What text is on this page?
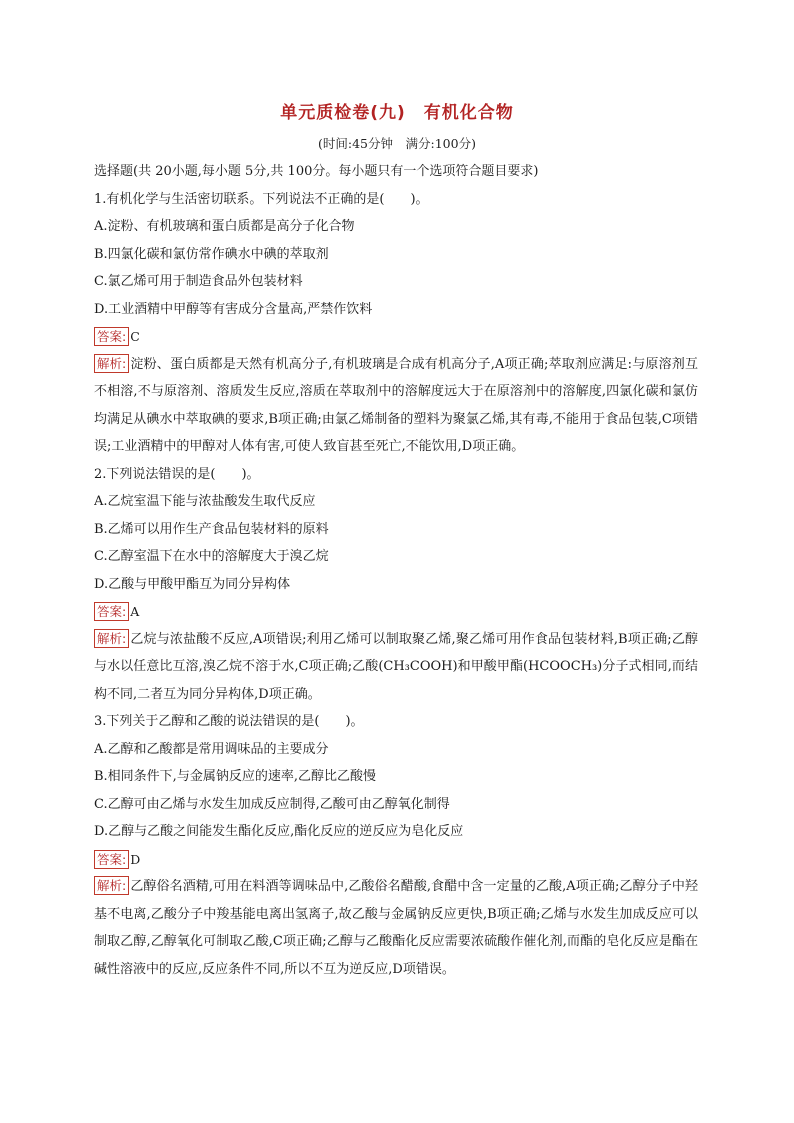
单元质检卷(九)　有机化合物
(时间:45分钟　满分:100分)
选择题(共 20小题,每小题 5分,共 100分。每小题只有一个选项符合题目要求)
1.有机化学与生活密切联系。下列说法不正确的是(　　)。
A.淀粉、有机玻璃和蛋白质都是高分子化合物
B.四氯化碳和氯仿常作碘水中碘的萃取剂
C.氯乙烯可用于制造食品外包装材料
D.工业酒精中甲醇等有害成分含量高,严禁作饮料
答案: C

解析: 淀粉、蛋白质都是天然有机高分子,有机玻璃是合成有机高分子,A项正确;萃取剂应满足:与原溶剂互不相溶,不与原溶剂、溶质发生反应,溶质在萃取剂中的溶解度远大于在原溶剂中的溶解度,四氯化碳和氯仿均满足从碘水中萃取碘的要求,B项正确;由氯乙烯制备的塑料为聚氯乙烯,其有毒,不能用于食品包装,C项错误;工业酒精中的甲醇对人体有害,可使人致盲甚至死亡,不能饮用,D项正确。

2.下列说法错误的是(　　)。
A.乙烷室温下能与浓盐酸发生取代反应
B.乙烯可以用作生产食品包装材料的原料
C.乙醇室温下在水中的溶解度大于溴乙烷
D.乙酸与甲酸甲酯互为同分异构体
答案: A

解析: 乙烷与浓盐酸不反应,A项错误;利用乙烯可以制取聚乙烯,聚乙烯可用作食品包装材料,B项正确;乙醇与水以任意比互溶,溴乙烷不溶于水,C项正确;乙酸(CH₃COOH)和甲酸甲酯(HCOOCH₃)分子式相同,而结构不同,二者互为同分异构体,D项正确。

3.下列关于乙醇和乙酸的说法错误的是(　　)。
A.乙醇和乙酸都是常用调味品的主要成分
B.相同条件下,与金属钠反应的速率,乙醇比乙酸慢
C.乙醇可由乙烯与水发生加成反应制得,乙酸可由乙醇氧化制得
D.乙醇与乙酸之间能发生酯化反应,酯化反应的逆反应为皂化反应
答案: D

解析: 乙醇俗名酒精,可用在料酒等调味品中,乙酸俗名醋酸,食醋中含一定量的乙酸,A项正确;乙醇分子中羟基不电离,乙酸分子中羧基能电离出氢离子,故乙酸与金属钠反应更快,B项正确;乙烯与水发生加成反应可以制取乙醇,乙醇氧化可制取乙酸,C项正确;乙醇与乙酸酯化反应需要浓硫酸作催化剂,而酯的皂化反应是酯在碱性溶液中的反应,反应条件不同,所以不互为逆反应,D项错误。
